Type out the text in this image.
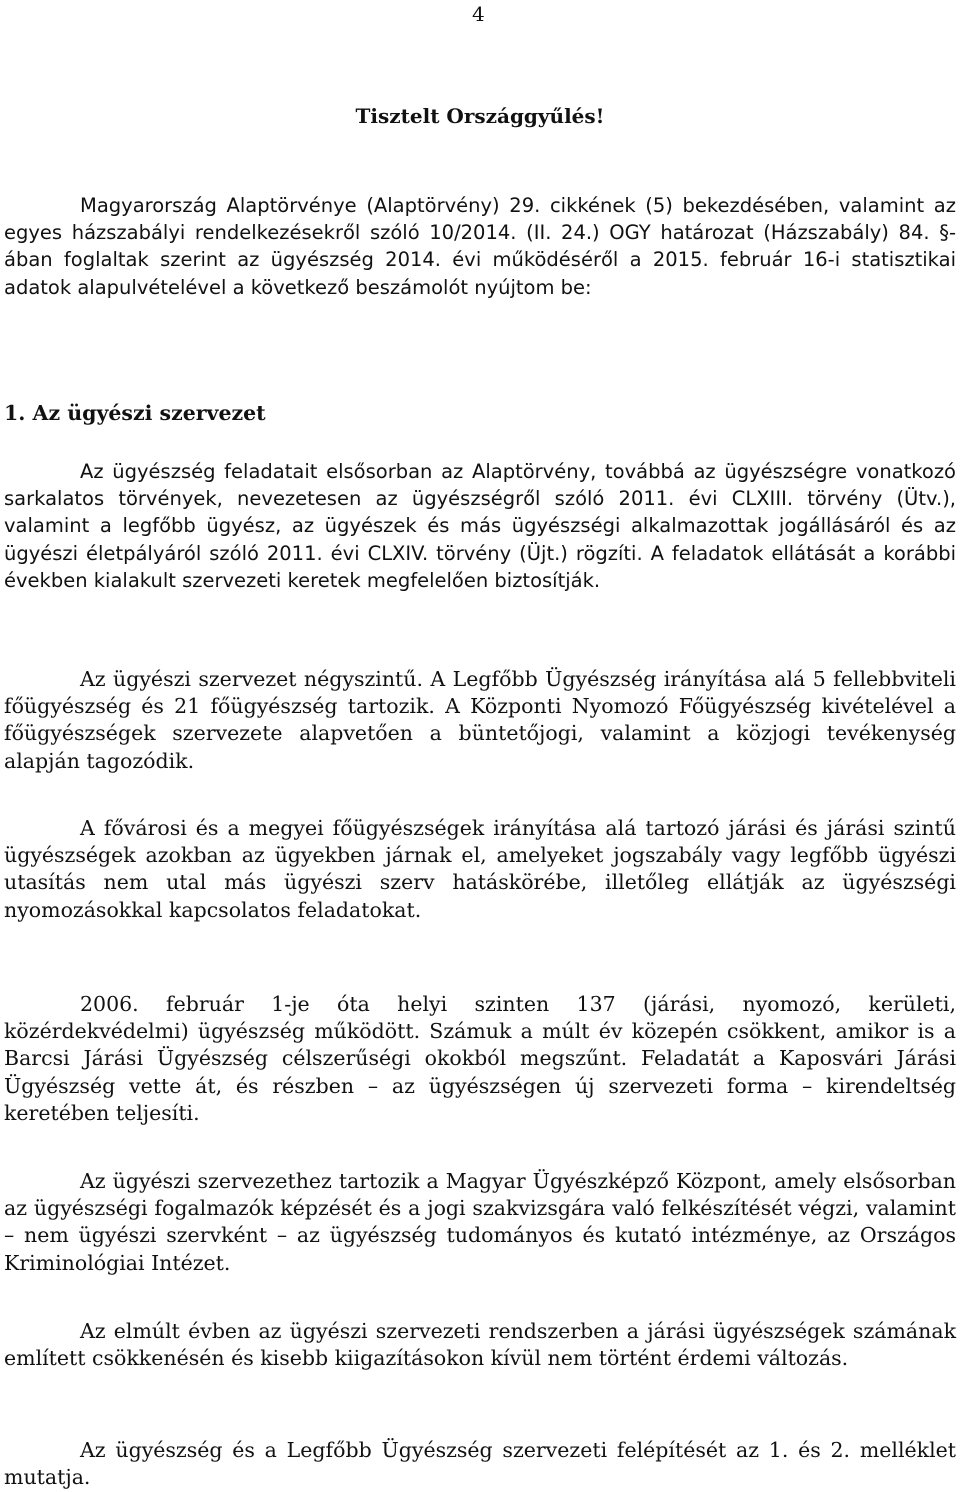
4
Tisztelt Országgyűlés!
Magyarország Alaptörvénye (Alaptörvény) 29. cikkének (5) bekezdésében, valamint az egyes házszabályi rendelkezésekről szóló 10/2014. (II. 24.) OGY határozat (Házszabály) 84. §-ában foglaltak szerint az ügyészség 2014. évi működéséről a 2015. február 16-i statisztikai adatok alapulvételével a következő beszámolót nyújtom be:
1. Az ügyészi szervezet
Az ügyészség feladatait elsősorban az Alaptörvény, továbbá az ügyészségre vonatkozó sarkalatos törvények, nevezetesen az ügyészségről szóló 2011. évi CLXIII. törvény (Ütv.), valamint a legfőbb ügyész, az ügyészek és más ügyészségi alkalmazottak jogállásáról és az ügyészi életpályáról szóló 2011. évi CLXIV. törvény (Üjt.) rögzíti. A feladatok ellátását a korábbi években kialakult szervezeti keretek megfelelően biztosítják.
Az ügyészi szervezet négyszintű. A Legfőbb Ügyészség irányítása alá 5 fellebbviteli főügyészség és 21 főügyészség tartozik. A Központi Nyomozó Főügyészség kivételével a főügyészségek szervezete alapvetően a büntetőjogi, valamint a közjogi tevékenység alapján tagozódik.
A fővárosi és a megyei főügyészségek irányítása alá tartozó járási és járási szintű ügyészségek azokban az ügyekben járnak el, amelyeket jogszabály vagy legfőbb ügyészi utasítás nem utal más ügyészi szerv hatáskörébe, illetőleg ellátják az ügyészségi nyomozásokkal kapcsolatos feladatokat.
2006. február 1-je óta helyi szinten 137 (járási, nyomozó, kerületi, közérdekvédelmi) ügyészség működött. Számuk a múlt év közepén csökkent, amikor is a Barcsi Járási Ügyészség célszerűségi okokból megszűnt. Feladatát a Kaposvári Járási Ügyészség vette át, és részben – az ügyészségen új szervezeti forma – kirendeltség keretében teljesíti.
Az ügyészi szervezethez tartozik a Magyar Ügyészképző Központ, amely elsősorban az ügyészségi fogalmazók képzését és a jogi szakvizsgára való felkészítését végzi, valamint – nem ügyészi szervként – az ügyészség tudományos és kutató intézménye, az Országos Kriminológiai Intézet.
Az elmúlt évben az ügyészi szervezeti rendszerben a járási ügyészségek számának említett csökkenésén és kisebb kiigazításokon kívül nem történt érdemi változás.
Az ügyészség és a Legfőbb Ügyészség szervezeti felépítését az 1. és 2. melléklet mutatja.
